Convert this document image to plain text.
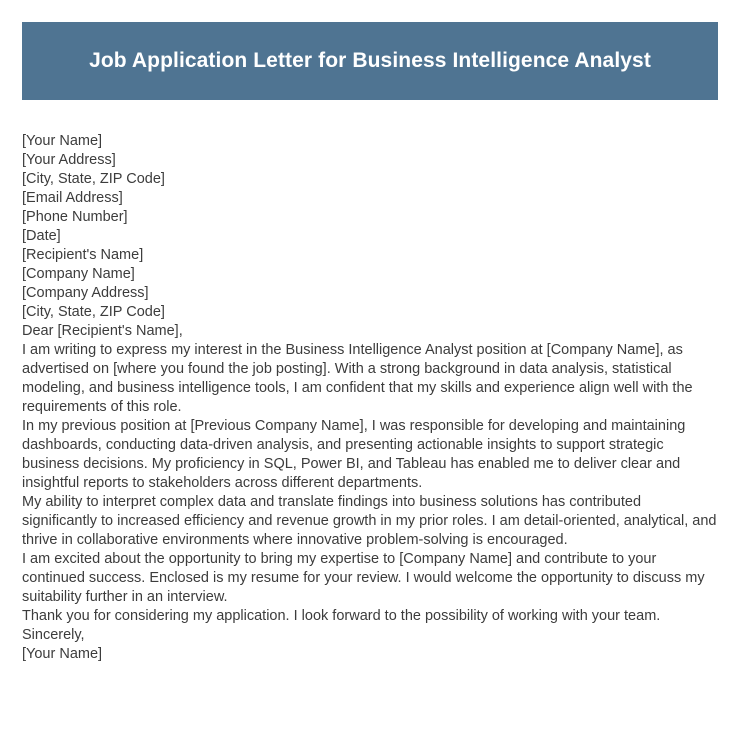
Job Application Letter for Business Intelligence Analyst
[Your Name]
[Your Address]
[City, State, ZIP Code]
[Email Address]
[Phone Number]
[Date]
[Recipient's Name]
[Company Name]
[Company Address]
[City, State, ZIP Code]
Dear [Recipient's Name],

I am writing to express my interest in the Business Intelligence Analyst position at [Company Name], as advertised on [where you found the job posting]. With a strong background in data analysis, statistical modeling, and business intelligence tools, I am confident that my skills and experience align well with the requirements of this role.

In my previous position at [Previous Company Name], I was responsible for developing and maintaining dashboards, conducting data-driven analysis, and presenting actionable insights to support strategic business decisions. My proficiency in SQL, Power BI, and Tableau has enabled me to deliver clear and insightful reports to stakeholders across different departments.

My ability to interpret complex data and translate findings into business solutions has contributed significantly to increased efficiency and revenue growth in my prior roles. I am detail-oriented, analytical, and thrive in collaborative environments where innovative problem-solving is encouraged.

I am excited about the opportunity to bring my expertise to [Company Name] and contribute to your continued success. Enclosed is my resume for your review. I would welcome the opportunity to discuss my suitability further in an interview.

Thank you for considering my application. I look forward to the possibility of working with your team.

Sincerely,
[Your Name]
